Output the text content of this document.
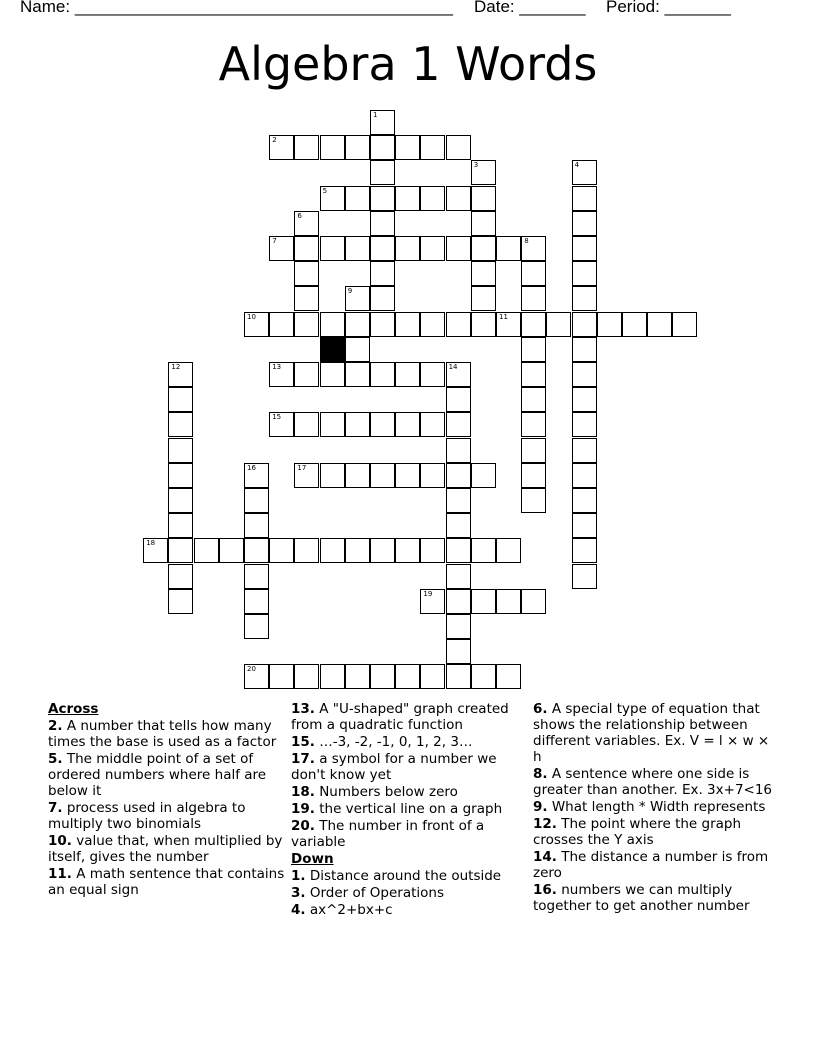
Name: ________________________________________ Date: _______ Period: _______
Algebra 1 Words
1
2
3	4
5
6
7	8
9
10	11
12	13	14
15
16	17
18
19
20
Across
2. A number that tells how many times the base is used as a factor
5. The middle point of a set of ordered numbers where half are below it
7. process used in algebra to multiply two binomials
10. value that, when multiplied by itself, gives the number
11. A math sentence that contains an equal sign
13. A "U-shaped" graph created from a quadratic function
15. …-3, -2, -1, 0, 1, 2, 3…
17. a symbol for a number we don't know yet
18. Numbers below zero
19. the vertical line on a graph
20. The number in front of a variable
Down
1. Distance around the outside
3. Order of Operations
4. ax^2+bx+c
6. A special type of equation that shows the relationship between different variables. Ex. V = l × w × h
8. A sentence where one side is greater than another. Ex. 3x+7<16
9. What length * Width represents
12. The point where the graph crosses the Y axis
14. The distance a number is from zero
16. numbers we can multiply together to get another number
